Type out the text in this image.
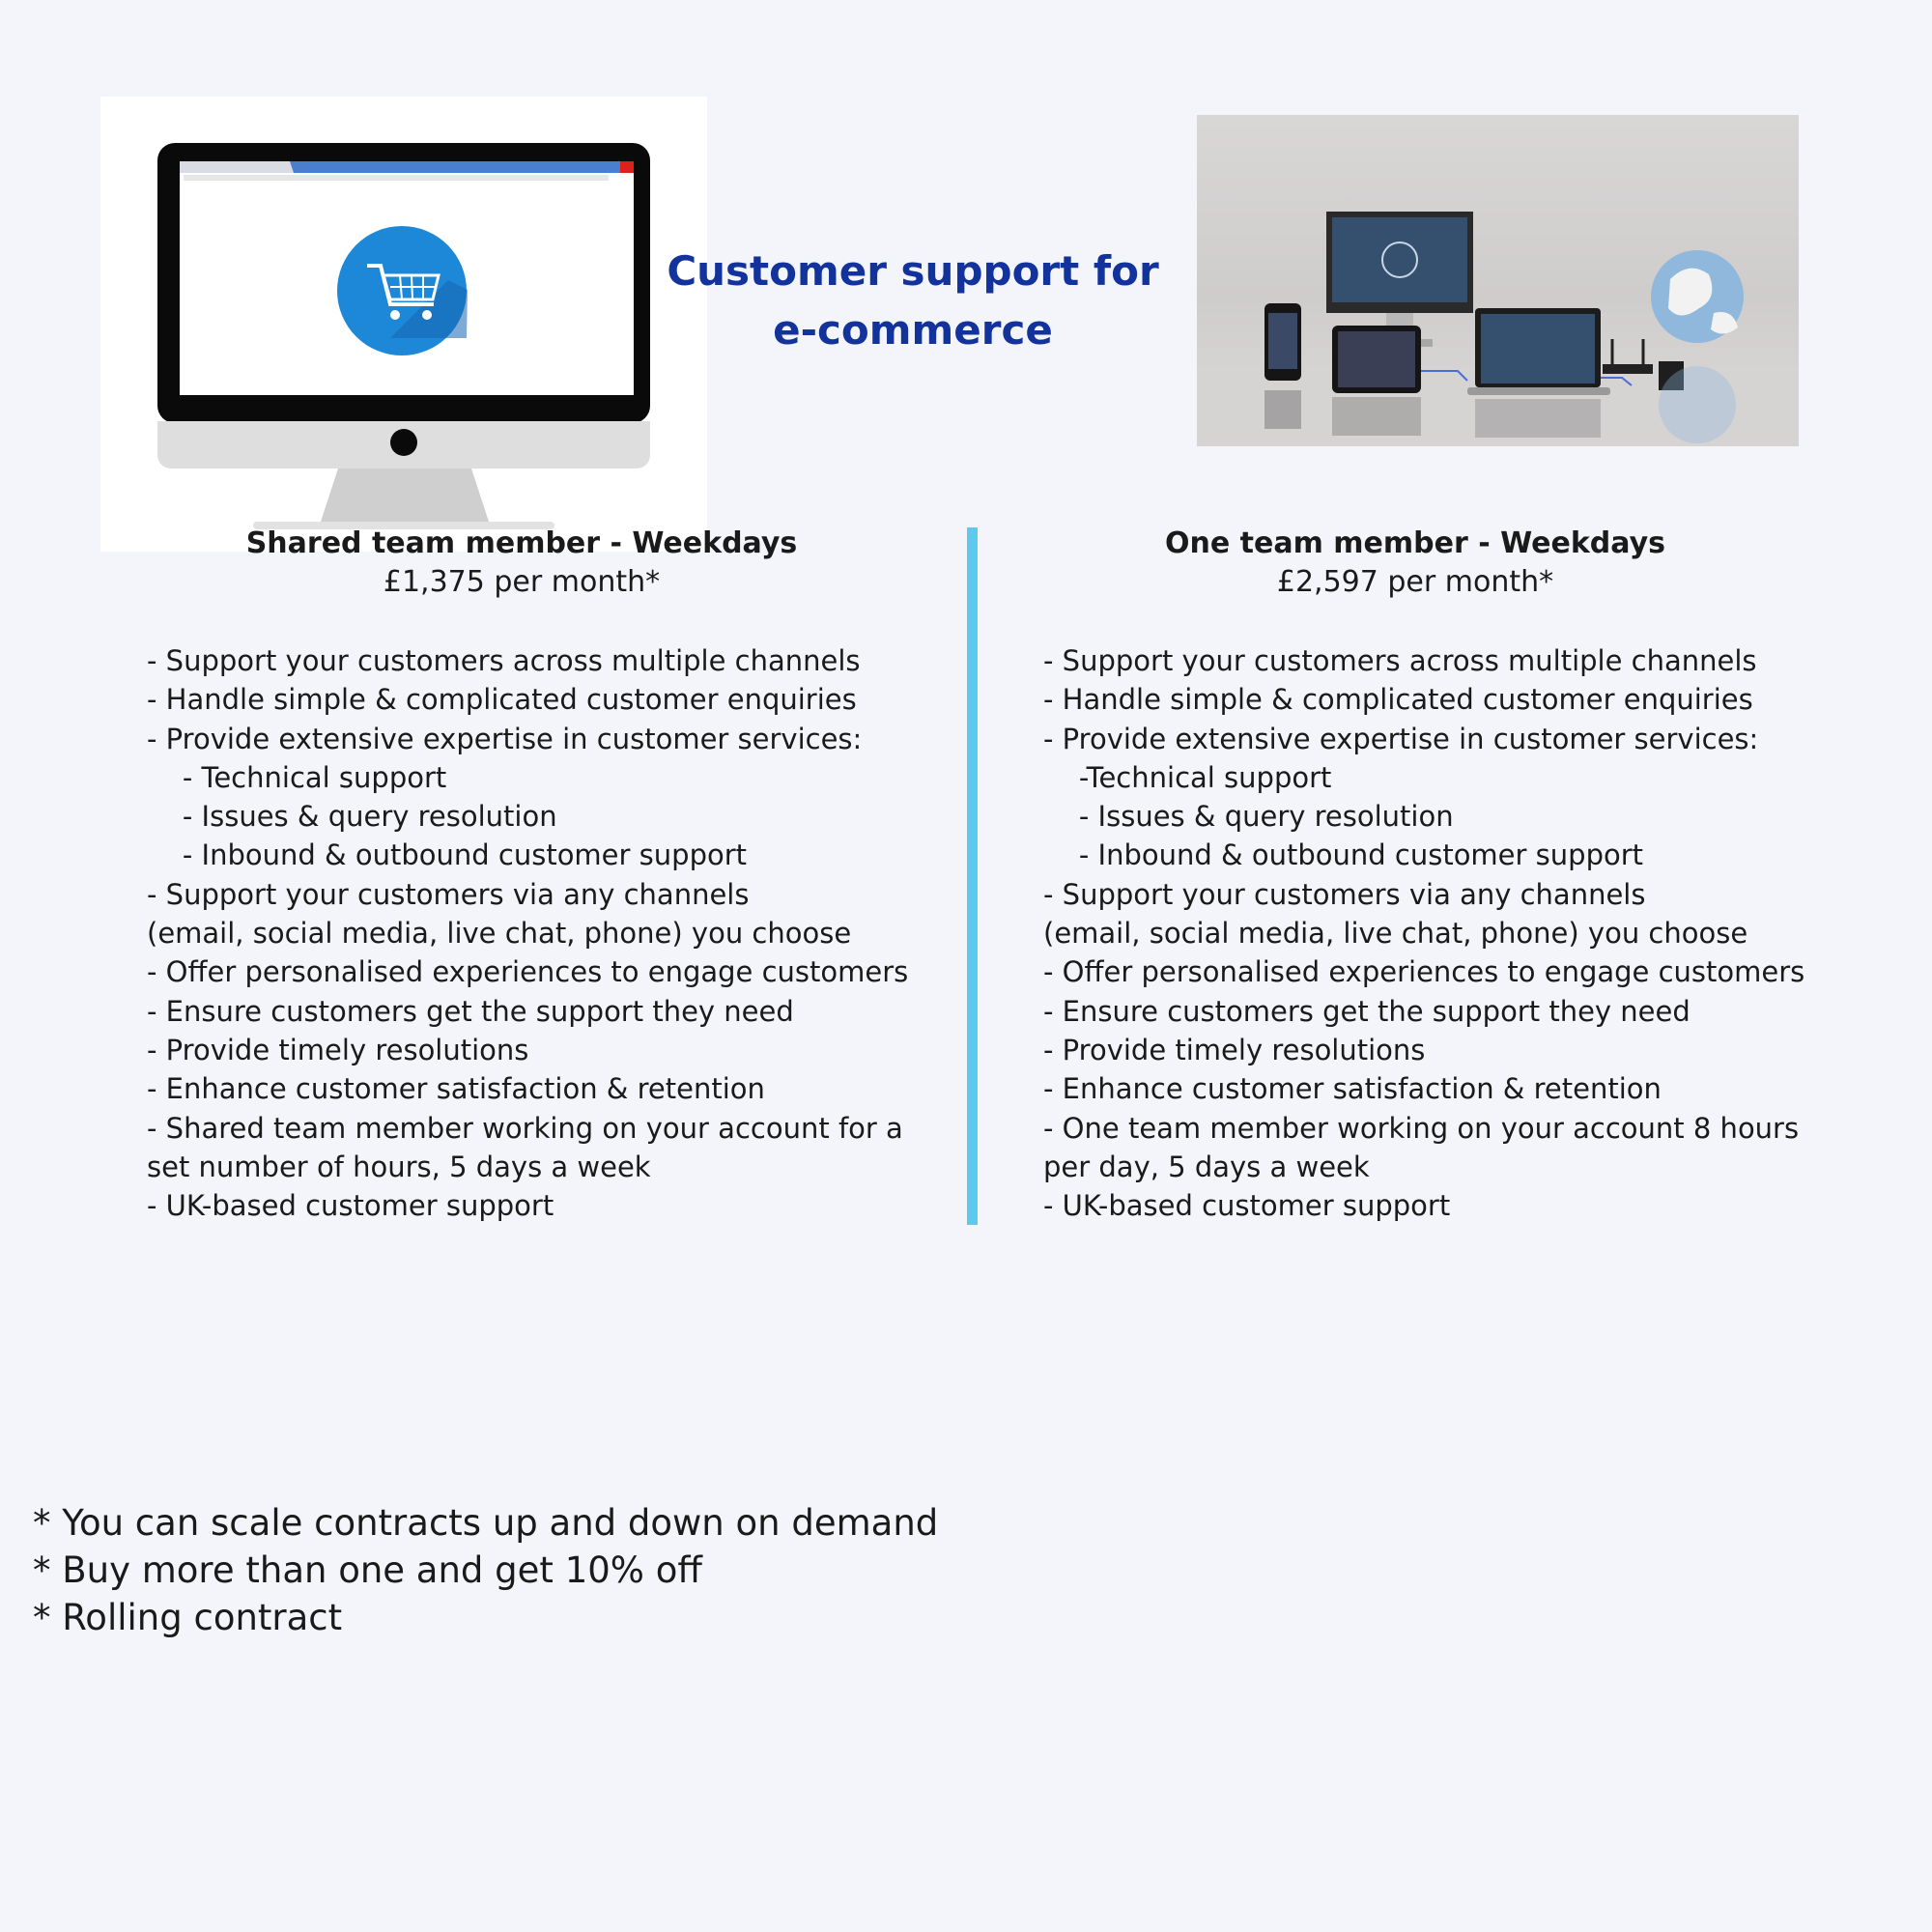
Customer support for
e-commerce
Shared team member - Weekdays
£1,375 per month*
- Support your customers across multiple channels
- Handle simple & complicated customer enquiries
- Provide extensive expertise in customer services:
- Technical support
- Issues & query resolution
- Inbound & outbound customer support
- Support your customers via any channels
(email, social media, live chat, phone) you choose
- Offer personalised experiences to engage customers
- Ensure customers get the support they need
- Provide timely resolutions
- Enhance customer satisfaction & retention
- Shared team member working on your account for a
set number of hours, 5 days a week
- UK-based customer support
One team member - Weekdays
£2,597 per month*
- Support your customers across multiple channels
- Handle simple & complicated customer enquiries
- Provide extensive expertise in customer services:
-Technical support
- Issues & query resolution
- Inbound & outbound customer support
- Support your customers via any channels
(email, social media, live chat, phone) you choose
- Offer personalised experiences to engage customers
- Ensure customers get the support they need
- Provide timely resolutions
- Enhance customer satisfaction & retention
- One team member working on your account 8 hours
per day, 5 days a week
- UK-based customer support
* You can scale contracts up and down on demand
* Buy more than one and get 10% off
* Rolling contract
